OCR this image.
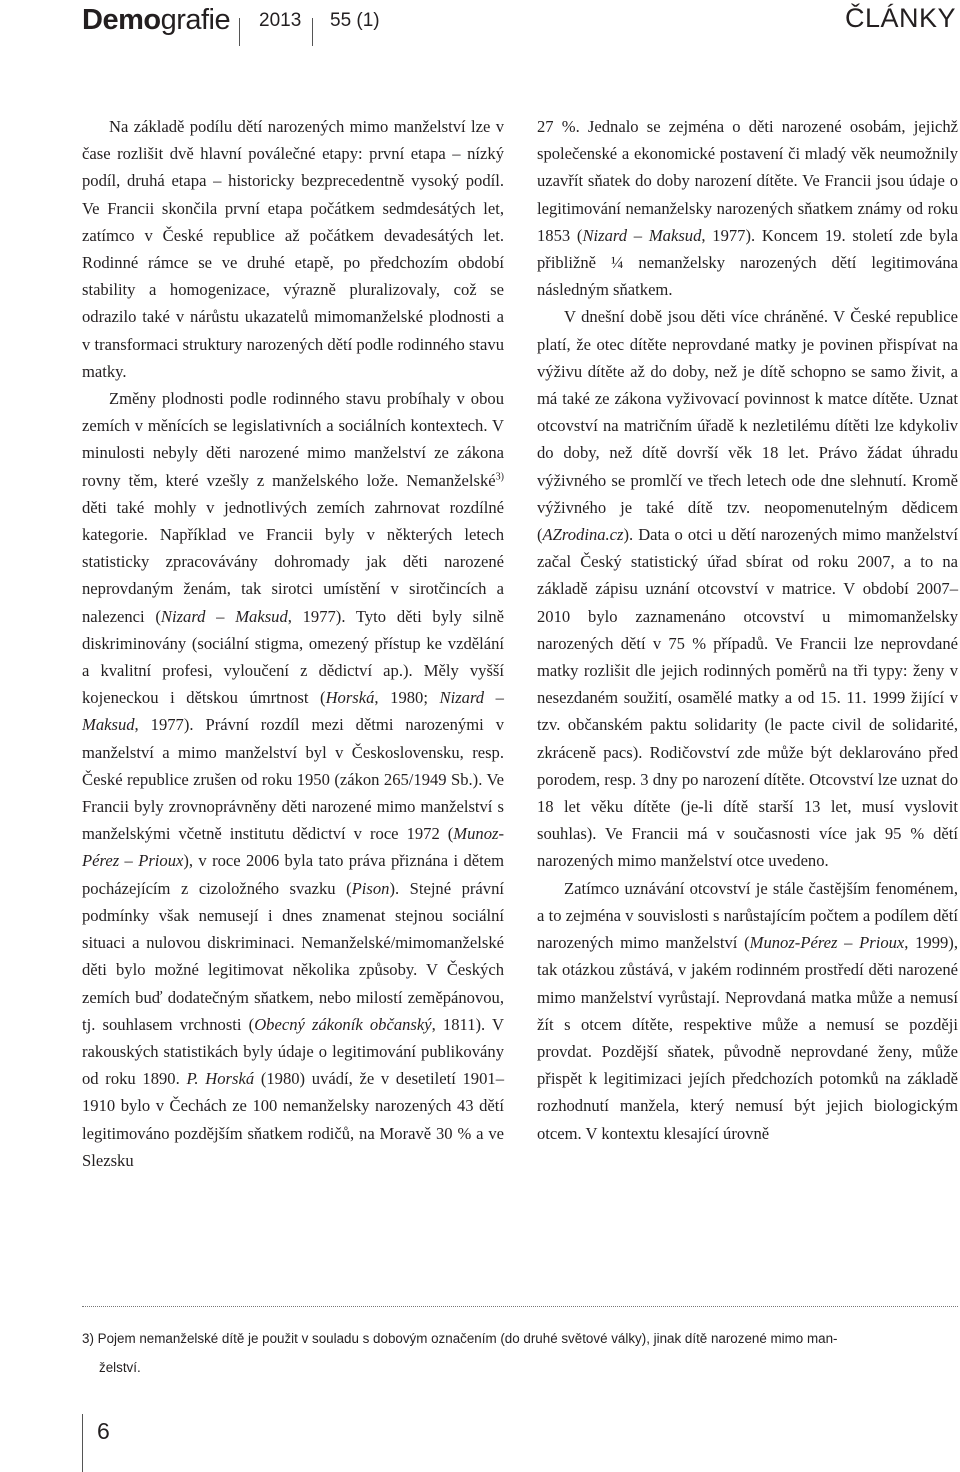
Demografie 2013 55 (1)	ČLÁNKY

Na základě podílu dětí narozených mimo manželství lze v čase rozlišit dvě hlavní poválečné etapy: první etapa – nízký podíl, druhá etapa – historicky bezprecedentně vysoký podíl. Ve Francii skončila první etapa počátkem sedmdesátých let, zatímco v České republice až počátkem devadesátých let. Rodinné rámce se ve druhé etapě, po předchozím období stability a homogenizace, výrazně pluralizovaly, což se odrazilo také v nárůstu ukazatelů mimomanželské plodnosti a v transformaci struktury narozených dětí podle rodinného stavu matky.

Změny plodnosti podle rodinného stavu probíhaly v obou zemích v měnících se legislativních a sociálních kontextech. V minulosti nebyly děti narozené mimo manželství ze zákona rovny těm, které vzešly z manželského lože. Nemanželské$^{3)}$ děti také mohly v jednotlivých zemích zahrnovat rozdílné kategorie. Například ve Francii byly v některých letech statisticky zpracovávány dohromady jak děti narozené neprovdaným ženám, tak sirotci umístění v sirotčincích a nalezenci (Nizard – Maksud, 1977). Tyto děti byly silně diskriminovány (sociální stigma, omezený přístup ke vzdělání a kvalitní profesi, vyloučení z dědictví ap.). Měly vyšší kojeneckou i dětskou úmrtnost (Horská, 1980; Nizard – Maksud, 1977). Právní rozdíl mezi dětmi narozenými v manželství a mimo manželství byl v Československu, resp. České republice zrušen od roku 1950 (zákon 265/1949 Sb.). Ve Francii byly zrovnoprávněny děti narozené mimo manželství s manželskými včetně institutu dědictví v roce 1972 (Munoz-Pérez – Prioux), v roce 2006 byla tato práva přiznána i dětem pocházejícím z cizoložného svazku (Pison). Stejné právní podmínky však nemusejí i dnes znamenat stejnou sociální situaci a nulovou diskriminaci. Nemanželské/mimomanželské děti bylo možné legitimovat několika způsoby. V Českých zemích buď dodatečným sňatkem, nebo milostí zeměpánovou, tj. souhlasem vrchnosti (Obecný zákoník občanský, 1811). V rakouských statistikách byly údaje o legitimování publikovány od roku 1890. P. Horská (1980) uvádí, že v desetiletí 1901–1910 bylo v Čechách ze 100 nemanželsky narozených 43 dětí legitimováno pozdějším sňatkem rodičů, na Moravě 30 % a ve Slezsku

27 %. Jednalo se zejména o děti narozené osobám, jejichž společenské a ekonomické postavení či mladý věk neumožnily uzavřít sňatek do doby narození dítěte. Ve Francii jsou údaje o legitimování nemanželsky narozených sňatkem známy od roku 1853 (Nizard – Maksud, 1977). Koncem 19. století zde byla přibližně ¼ nemanželsky narozených dětí legitimována následným sňatkem.

V dnešní době jsou děti více chráněné. V České republice platí, že otec dítěte neprovdané matky je povinen přispívat na výživu dítěte až do doby, než je dítě schopno se samo živit, a má také ze zákona vyživovací povinnost k matce dítěte. Uznat otcovství na matričním úřadě k nezletilému dítěti lze kdykoliv do doby, než dítě dovrší věk 18 let. Právo žádat úhradu výživného se promlčí ve třech letech ode dne slehnutí. Kromě výživného je také dítě tzv. neopomenutelným dědicem (AZrodina.cz). Data o otci u dětí narozených mimo manželství začal Český statistický úřad sbírat od roku 2007, a to na základě zápisu uznání otcovství v matrice. V období 2007–2010 bylo zaznamenáno otcovství u mimomanželsky narozených dětí v 75 % případů. Ve Francii lze neprovdané matky rozlišit dle jejich rodinných poměrů na tři typy: ženy v nesezdaném soužití, osamělé matky a od 15. 11. 1999 žijící v tzv. občanském paktu solidarity (le pacte civil de solidarité, zkráceně pacs). Rodičovství zde může být deklarováno před porodem, resp. 3 dny po narození dítěte. Otcovství lze uznat do 18 let věku dítěte (je-li dítě starší 13 let, musí vyslovit souhlas). Ve Francii má v současnosti více jak 95 % dětí narozených mimo manželství otce uvedeno.

Zatímco uznávání otcovství je stále častějším fenoménem, a to zejména v souvislosti s narůstajícím počtem a podílem dětí narozených mimo manželství (Munoz-Pérez – Prioux, 1999), tak otázkou zůstává, v jakém rodinném prostředí děti narozené mimo manželství vyrůstají. Neprovdaná matka může a nemusí žít s otcem dítěte, respektive může a nemusí se později provdat. Pozdější sňatek, původně neprovdané ženy, může přispět k legitimizaci jejích předchozích potomků na základě rozhodnutí manžela, který nemusí být jejich biologickým otcem. V kontextu klesající úrovně

3) Pojem nemanželské dítě je použit v souladu s dobovým označením (do druhé světové války), jinak dítě narozené mimo man-
želství.
6
